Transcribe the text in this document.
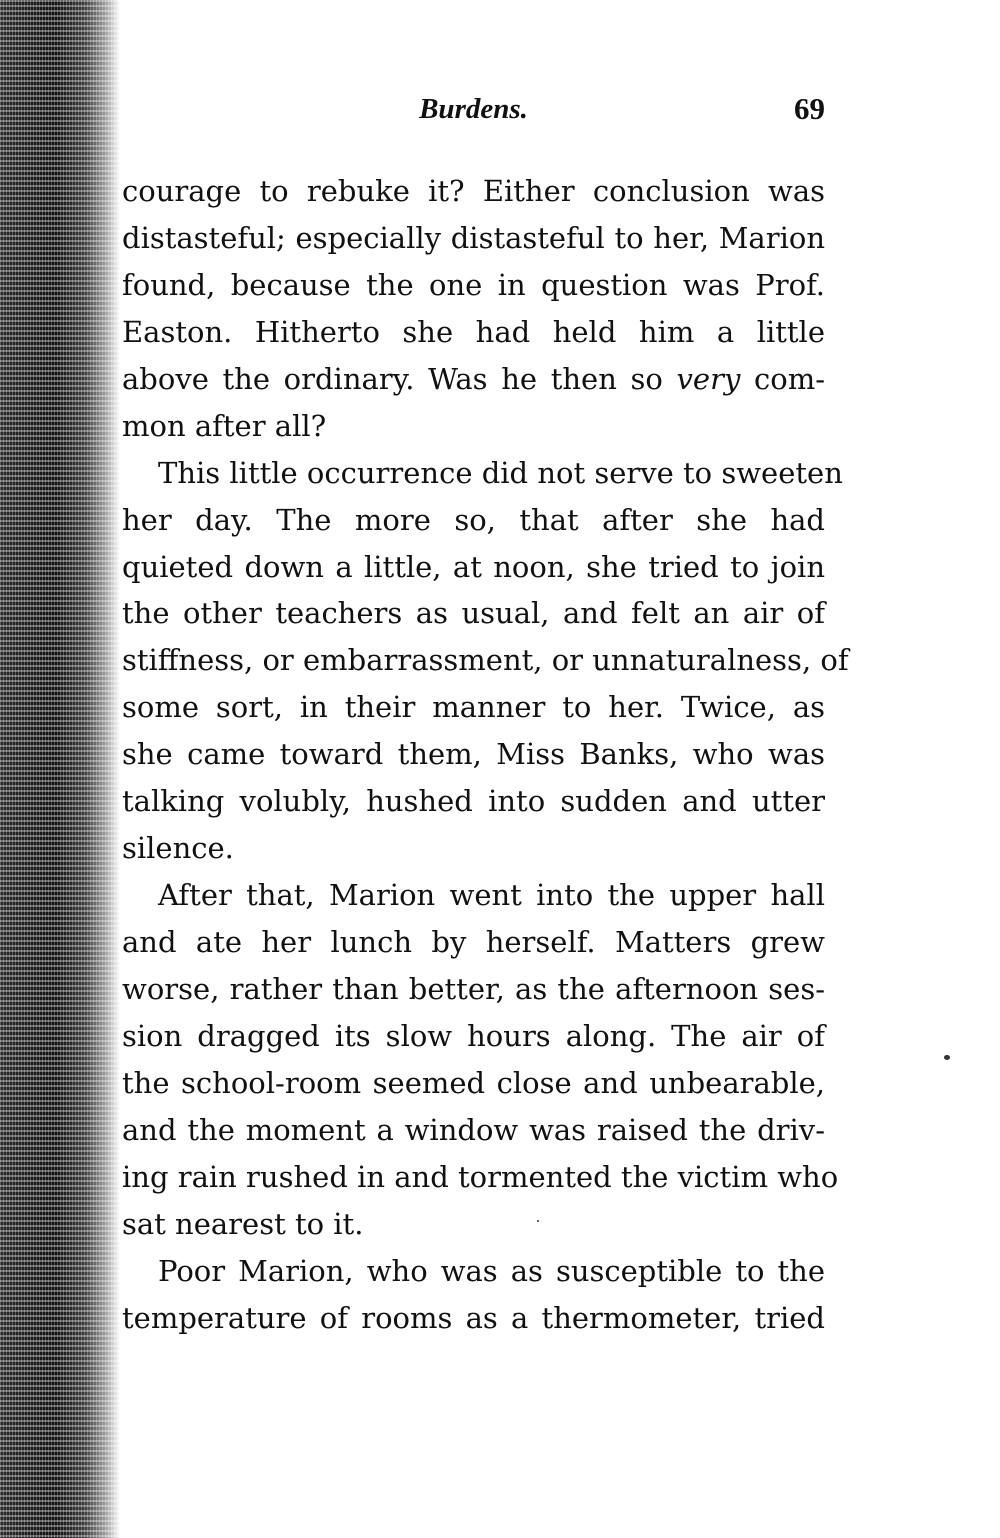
Burdens.	69
courage to rebuke it? Either conclusion was
distasteful; especially distasteful to her, Marion
found, because the one in question was Prof.
Easton. Hitherto she had held him a little
above the ordinary. Was he then so very com-
mon after all?
This little occurrence did not serve to sweeten
her day. The more so, that after she had
quieted down a little, at noon, she tried to join
the other teachers as usual, and felt an air of
stiffness, or embarrassment, or unnaturalness, of
some sort, in their manner to her. Twice, as
she came toward them, Miss Banks, who was
talking volubly, hushed into sudden and utter
silence.
After that, Marion went into the upper hall
and ate her lunch by herself. Matters grew
worse, rather than better, as the afternoon ses-
sion dragged its slow hours along. The air of
the school-room seemed close and unbearable,
and the moment a window was raised the driv-
ing rain rushed in and tormented the victim who
sat nearest to it.
Poor Marion, who was as susceptible to the
temperature of rooms as a thermometer, tried
